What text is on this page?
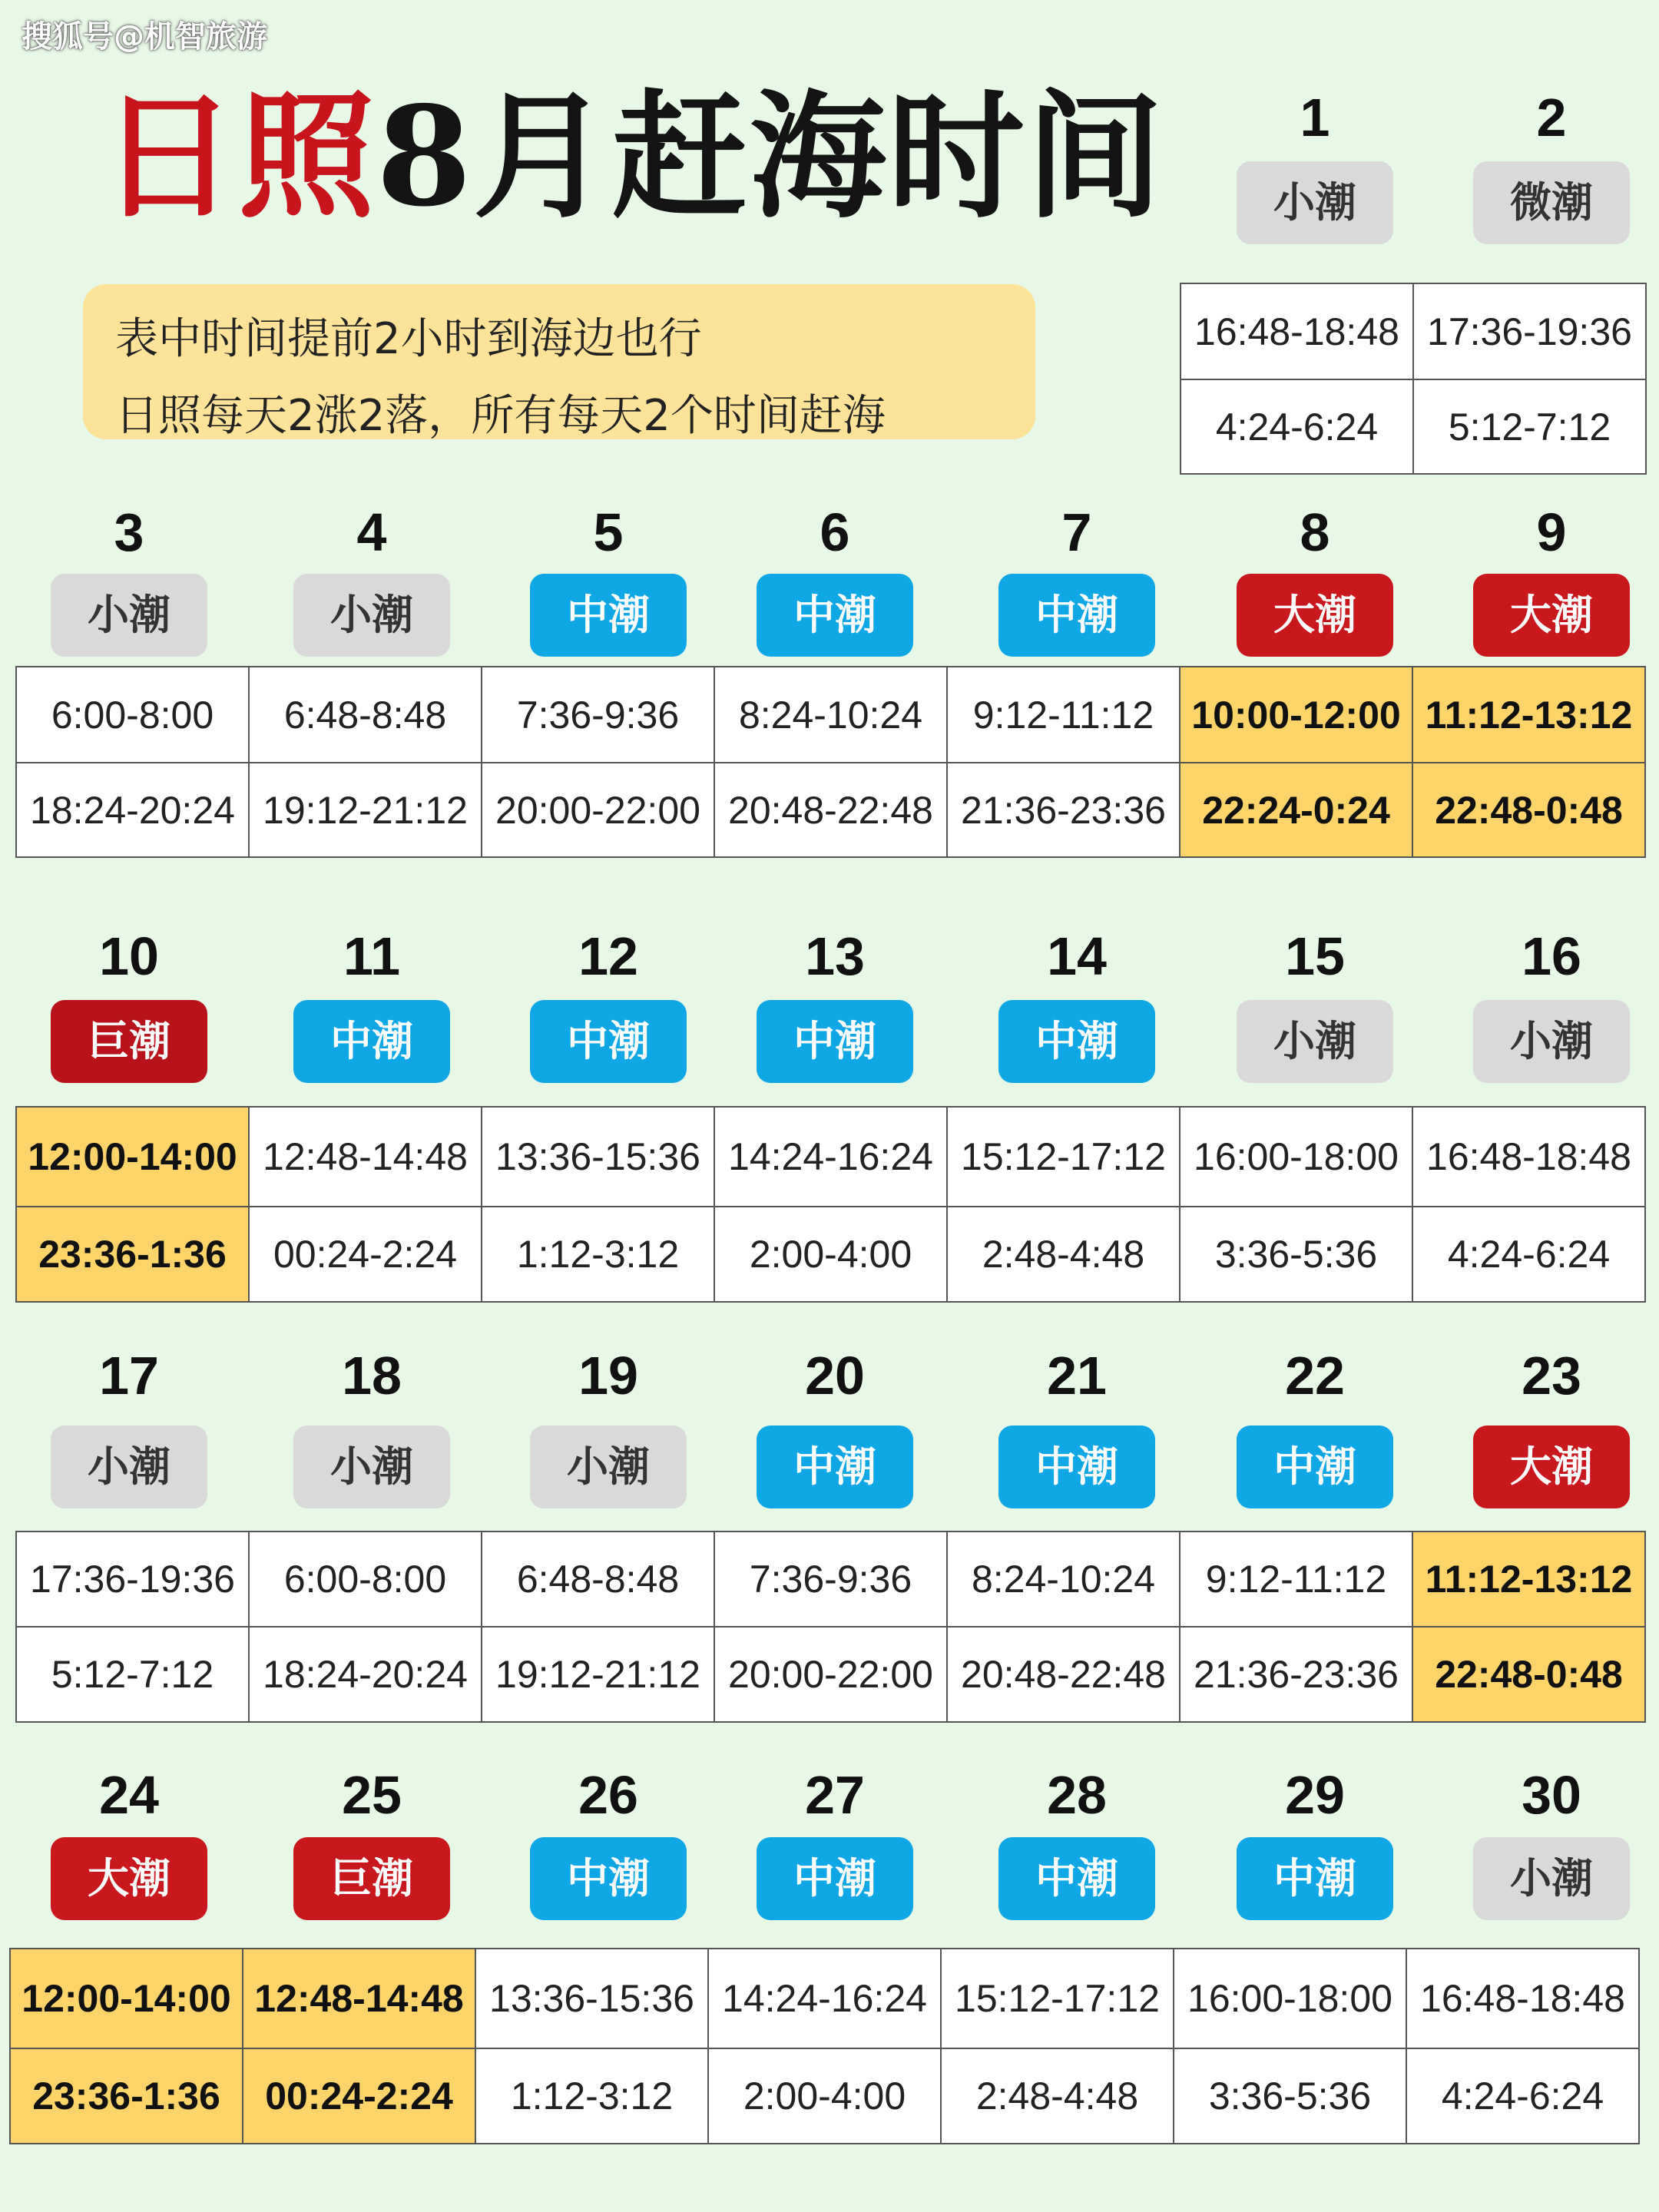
搜狐号@机智旅游
日照8月赶海时间
表中时间提前2小时到海边也行
日照每天2涨2落，所有每天2个时间赶海
1
小潮
2
微潮
16:48-18:48	17:36-19:36
4:24-6:24	5:12-7:12
3
小潮
4
小潮
5
中潮
6
中潮
7
中潮
8
大潮
9
大潮
6:00-8:00	6:48-8:48	7:36-9:36	8:24-10:24	9:12-11:12	10:00-12:00	11:12-13:12
18:24-20:24	19:12-21:12	20:00-22:00	20:48-22:48	21:36-23:36	22:24-0:24	22:48-0:48
10
巨潮
11
中潮
12
中潮
13
中潮
14
中潮
15
小潮
16
小潮
12:00-14:00	12:48-14:48	13:36-15:36	14:24-16:24	15:12-17:12	16:00-18:00	16:48-18:48
23:36-1:36	00:24-2:24	1:12-3:12	2:00-4:00	2:48-4:48	3:36-5:36	4:24-6:24
17
小潮
18
小潮
19
小潮
20
中潮
21
中潮
22
中潮
23
大潮
17:36-19:36	6:00-8:00	6:48-8:48	7:36-9:36	8:24-10:24	9:12-11:12	11:12-13:12
5:12-7:12	18:24-20:24	19:12-21:12	20:00-22:00	20:48-22:48	21:36-23:36	22:48-0:48
24
大潮
25
巨潮
26
中潮
27
中潮
28
中潮
29
中潮
30
小潮
12:00-14:00	12:48-14:48	13:36-15:36	14:24-16:24	15:12-17:12	16:00-18:00	16:48-18:48
23:36-1:36	00:24-2:24	1:12-3:12	2:00-4:00	2:48-4:48	3:36-5:36	4:24-6:24
